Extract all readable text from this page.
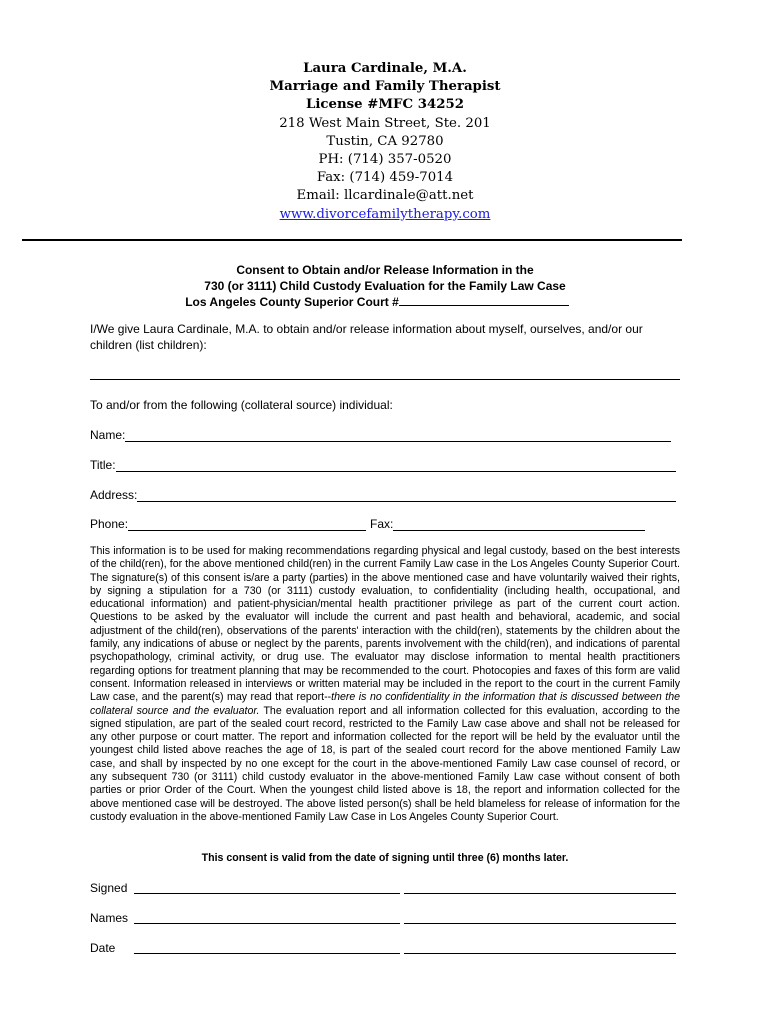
Laura Cardinale, M.A.
Marriage and Family Therapist
License #MFC 34252
218 West Main Street, Ste. 201
Tustin, CA 92780
PH: (714) 357-0520
Fax: (714) 459-7014
Email: llcardinale@att.net
www.divorcefamilytherapy.com
Consent to Obtain and/or Release Information in the
730 (or 3111) Child Custody Evaluation for the Family Law Case
Los Angeles County Superior Court #
I/We give Laura Cardinale, M.A. to obtain and/or release information about myself, ourselves, and/or our children (list children):
To and/or from the following (collateral source) individual:
Name:
Title:
Address:
Phone:	Fax:
This information is to be used for making recommendations regarding physical and legal custody, based on the best interests of the child(ren), for the above mentioned child(ren) in the current Family Law case in the Los Angeles County Superior Court. The signature(s) of this consent is/are a party (parties) in the above mentioned case and have voluntarily waived their rights, by signing a stipulation for a 730 (or 3111) custody evaluation, to confidentiality (including health, occupational, and educational information) and patient-physician/mental health practitioner privilege as part of the current court action. Questions to be asked by the evaluator will include the current and past health and behavioral, academic, and social adjustment of the child(ren), observations of the parents' interaction with the child(ren), statements by the children about the family, any indications of abuse or neglect by the parents, parents involvement with the child(ren), and indications of parental psychopathology, criminal activity, or drug use. The evaluator may disclose information to mental health practitioners regarding options for treatment planning that may be recommended to the court. Photocopies and faxes of this form are valid consent. Information released in interviews or written material may be included in the report to the court in the current Family Law case, and the parent(s) may read that report--there is no confidentiality in the information that is discussed between the collateral source and the evaluator. The evaluation report and all information collected for this evaluation, according to the signed stipulation, are part of the sealed court record, restricted to the Family Law case above and shall not be released for any other purpose or court matter. The report and information collected for the report will be held by the evaluator until the youngest child listed above reaches the age of 18, is part of the sealed court record for the above mentioned Family Law case, and shall by inspected by no one except for the court in the above-mentioned Family Law case counsel of record, or any subsequent 730 (or 3111) child custody evaluator in the above-mentioned Family Law case without consent of both parties or prior Order of the Court. When the youngest child listed above is 18, the report and information collected for the above mentioned case will be destroyed. The above listed person(s) shall be held blameless for release of information for the custody evaluation in the above-mentioned Family Law Case in Los Angeles County Superior Court.
This consent is valid from the date of signing until three (6) months later.
Signed
Names
Date
